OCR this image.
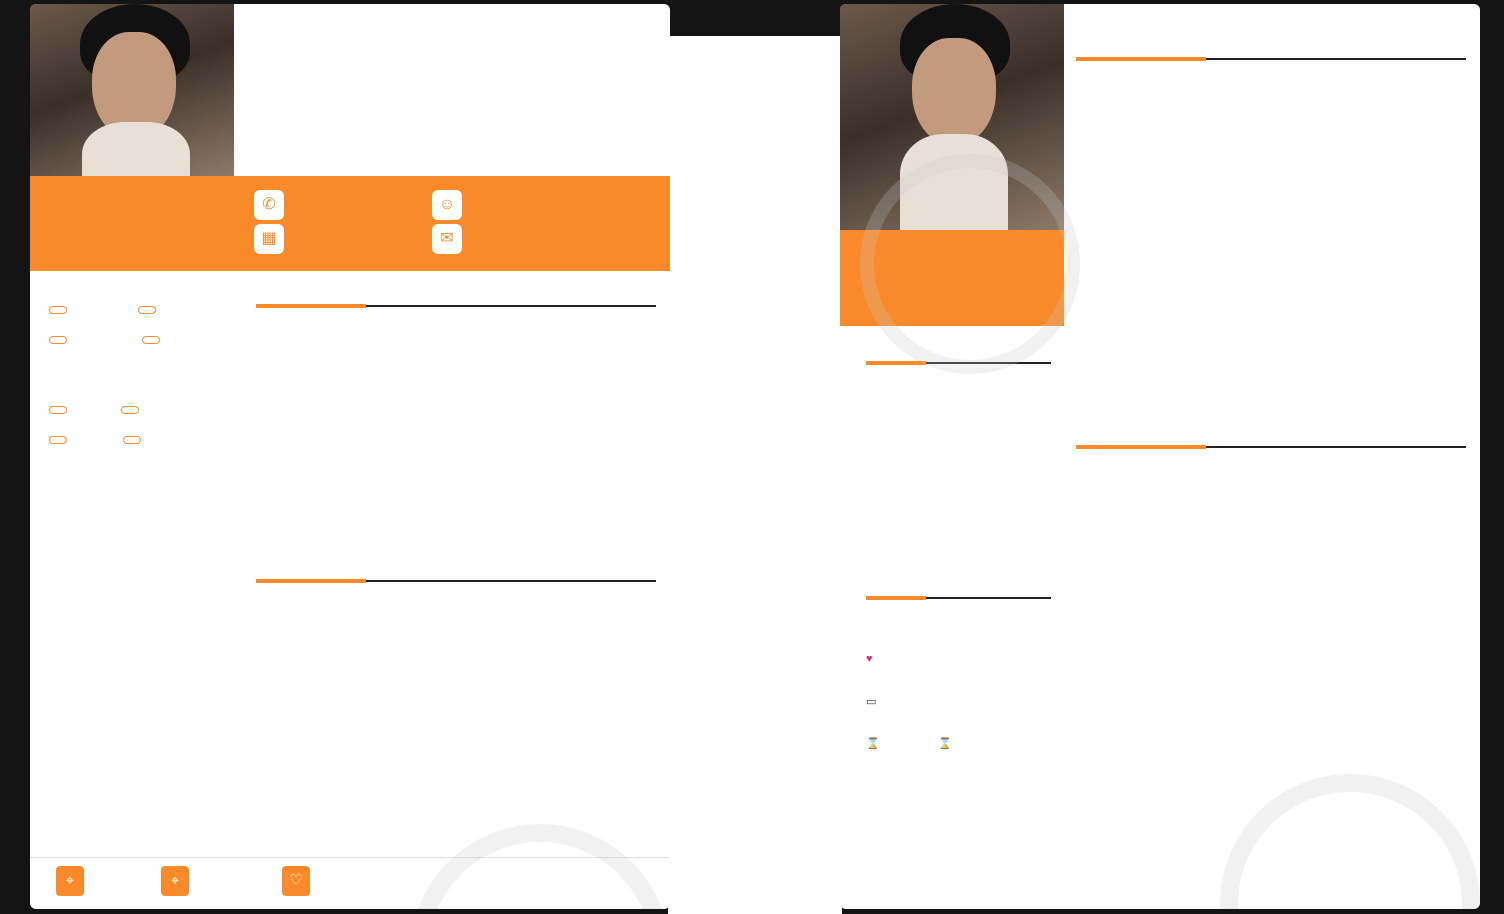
✆	☺

▦	✉

⌖	⌖	♡

♥
▭
⌛	⌛
